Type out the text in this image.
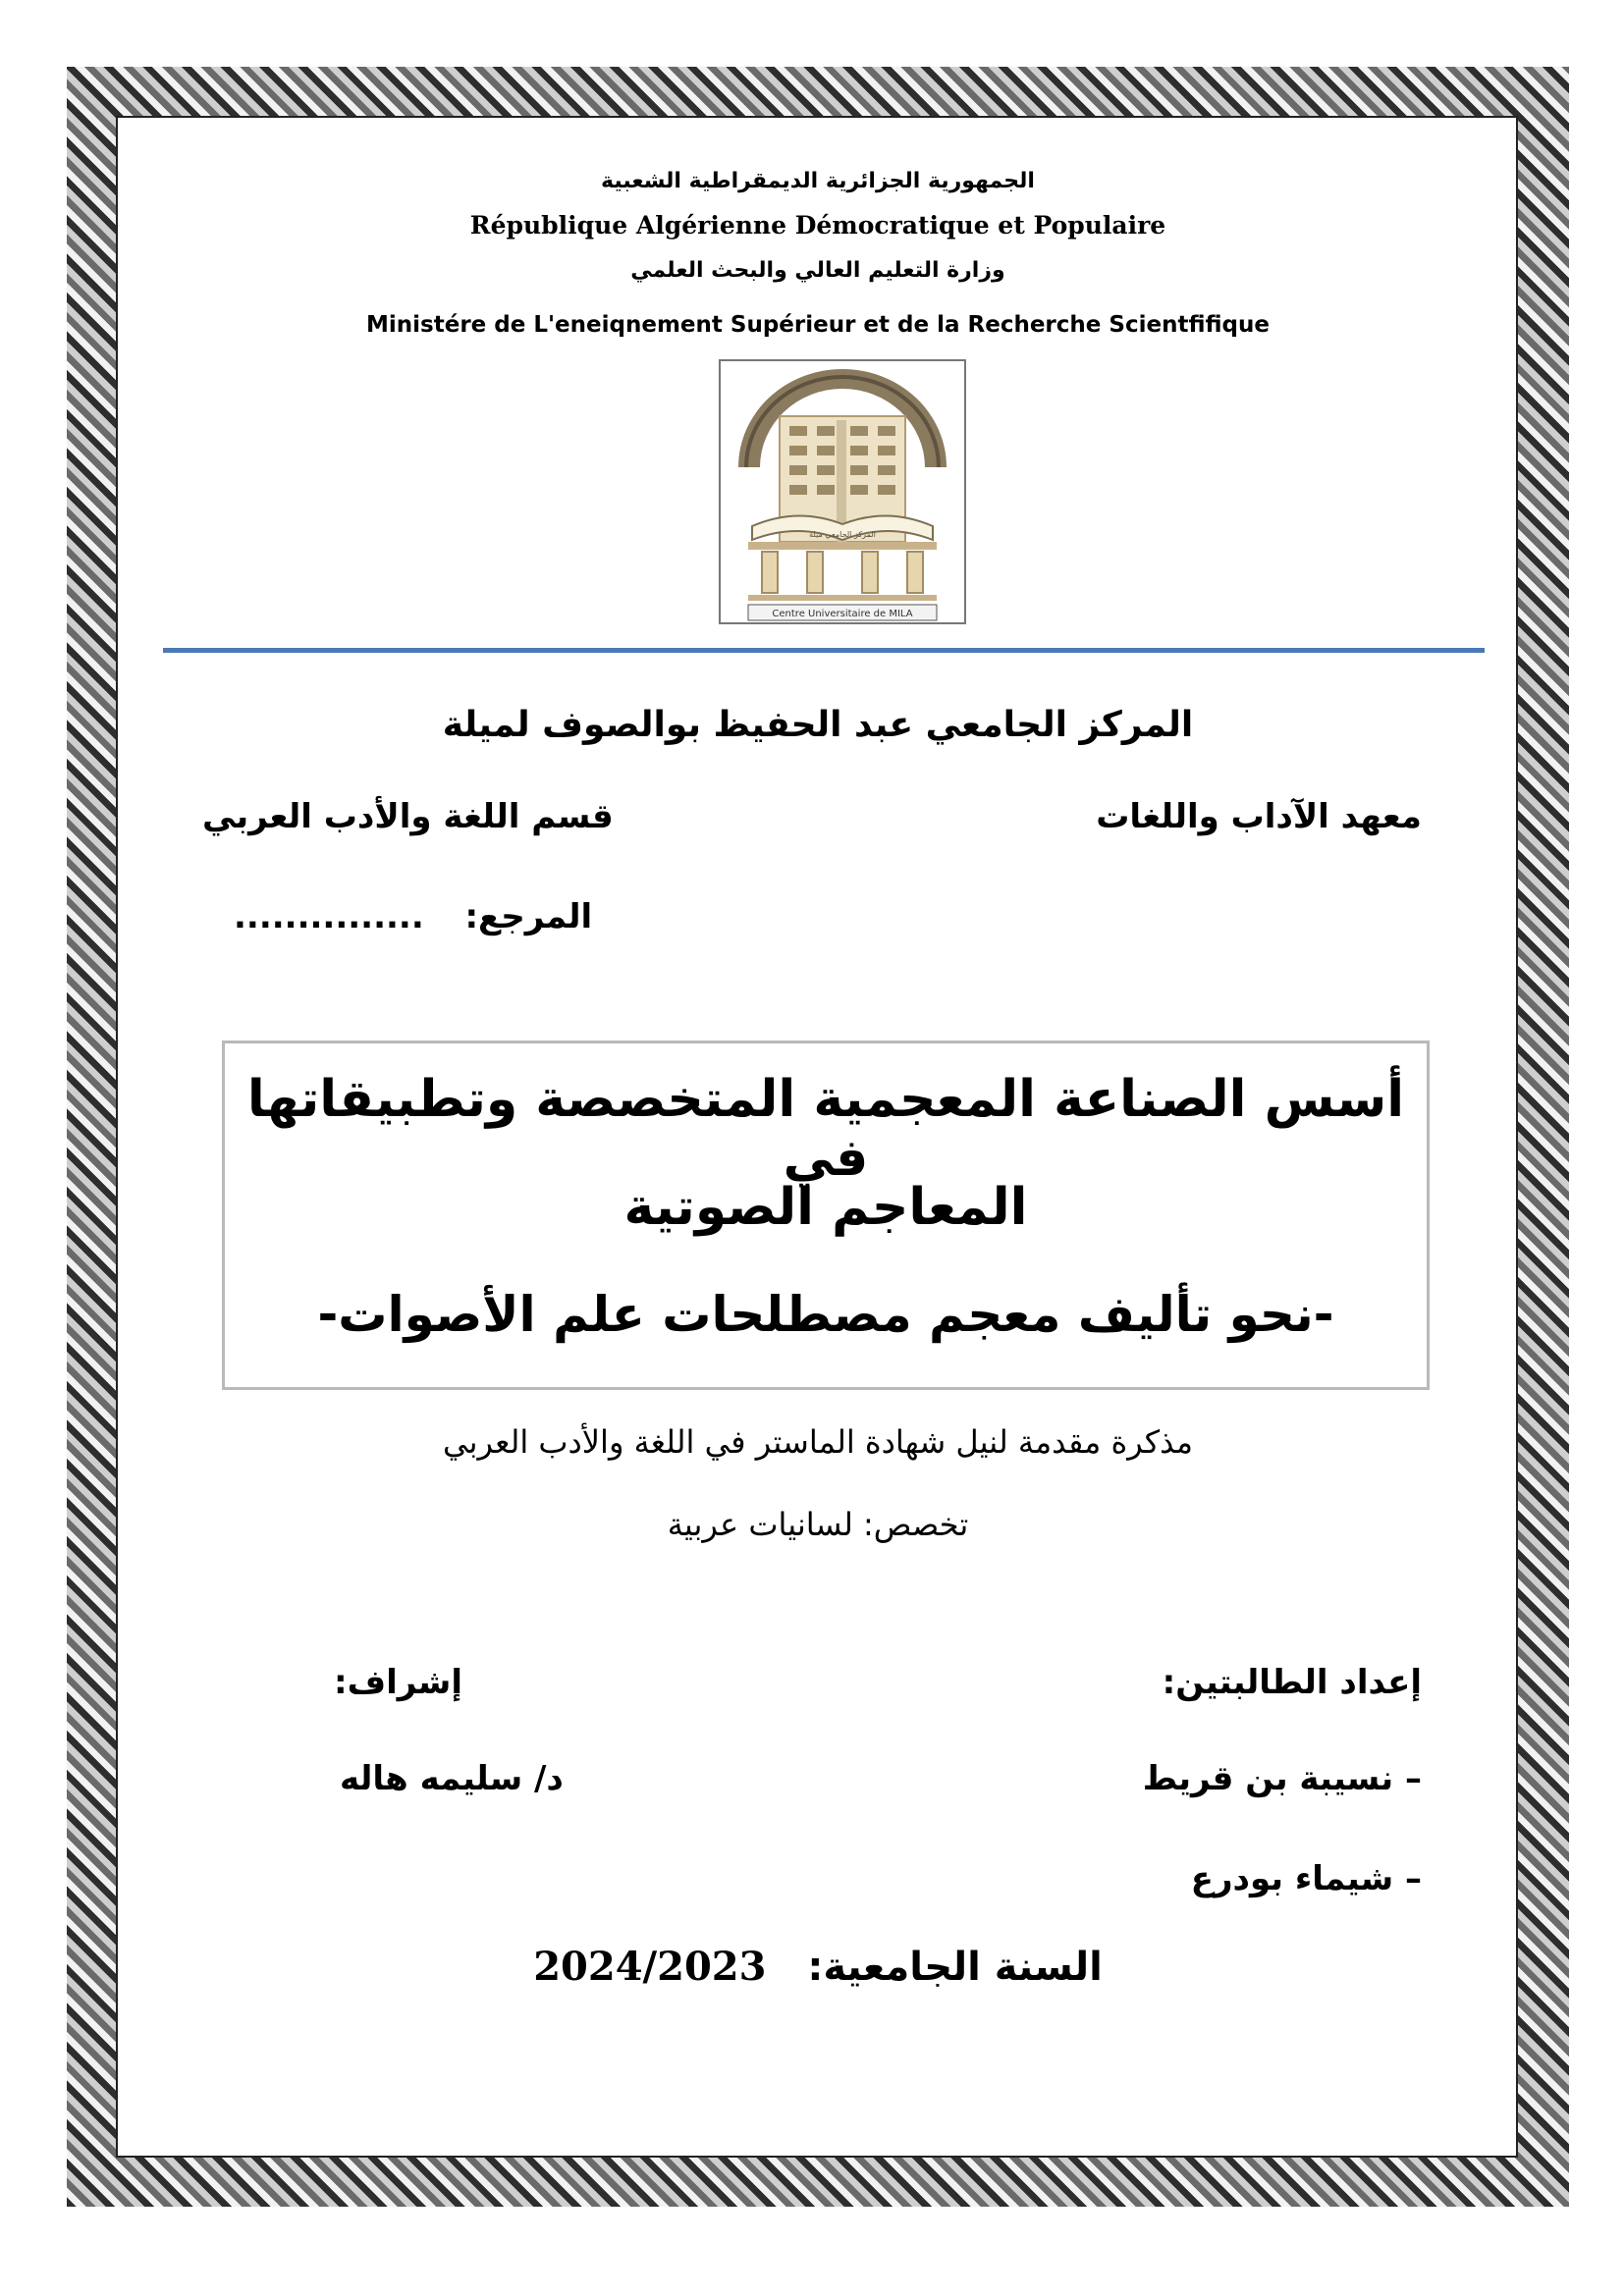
الجمهورية الجزائرية الديمقراطية الشعبية
République Algérienne Démocratique et Populaire
وزارة التعليم العالي والبحث العلمي
Ministére de L'eneiqnement Supérieur et de la Recherche Scientfifique
المركز الجامعي ميلة
Centre Universitaire de MILA
المركز الجامعي عبد الحفيظ بوالصوف لميلة
معهد الآداب واللغات
قسم اللغة والأدب العربي
المرجع:  ...............
أسس الصناعة المعجمية المتخصصة وتطبيقاتها في
المعاجم الصوتية
-نحو تأليف معجم مصطلحات علم الأصوات-
مذكرة مقدمة لنيل شهادة الماستر في اللغة والأدب العربي
تخصص: لسانيات عربية
إعداد الطالبتين:
إشراف:
– نسيبة بن قريط
د/ سليمه هاله
– شيماء بودرع
السنة الجامعية:  2024/2023
